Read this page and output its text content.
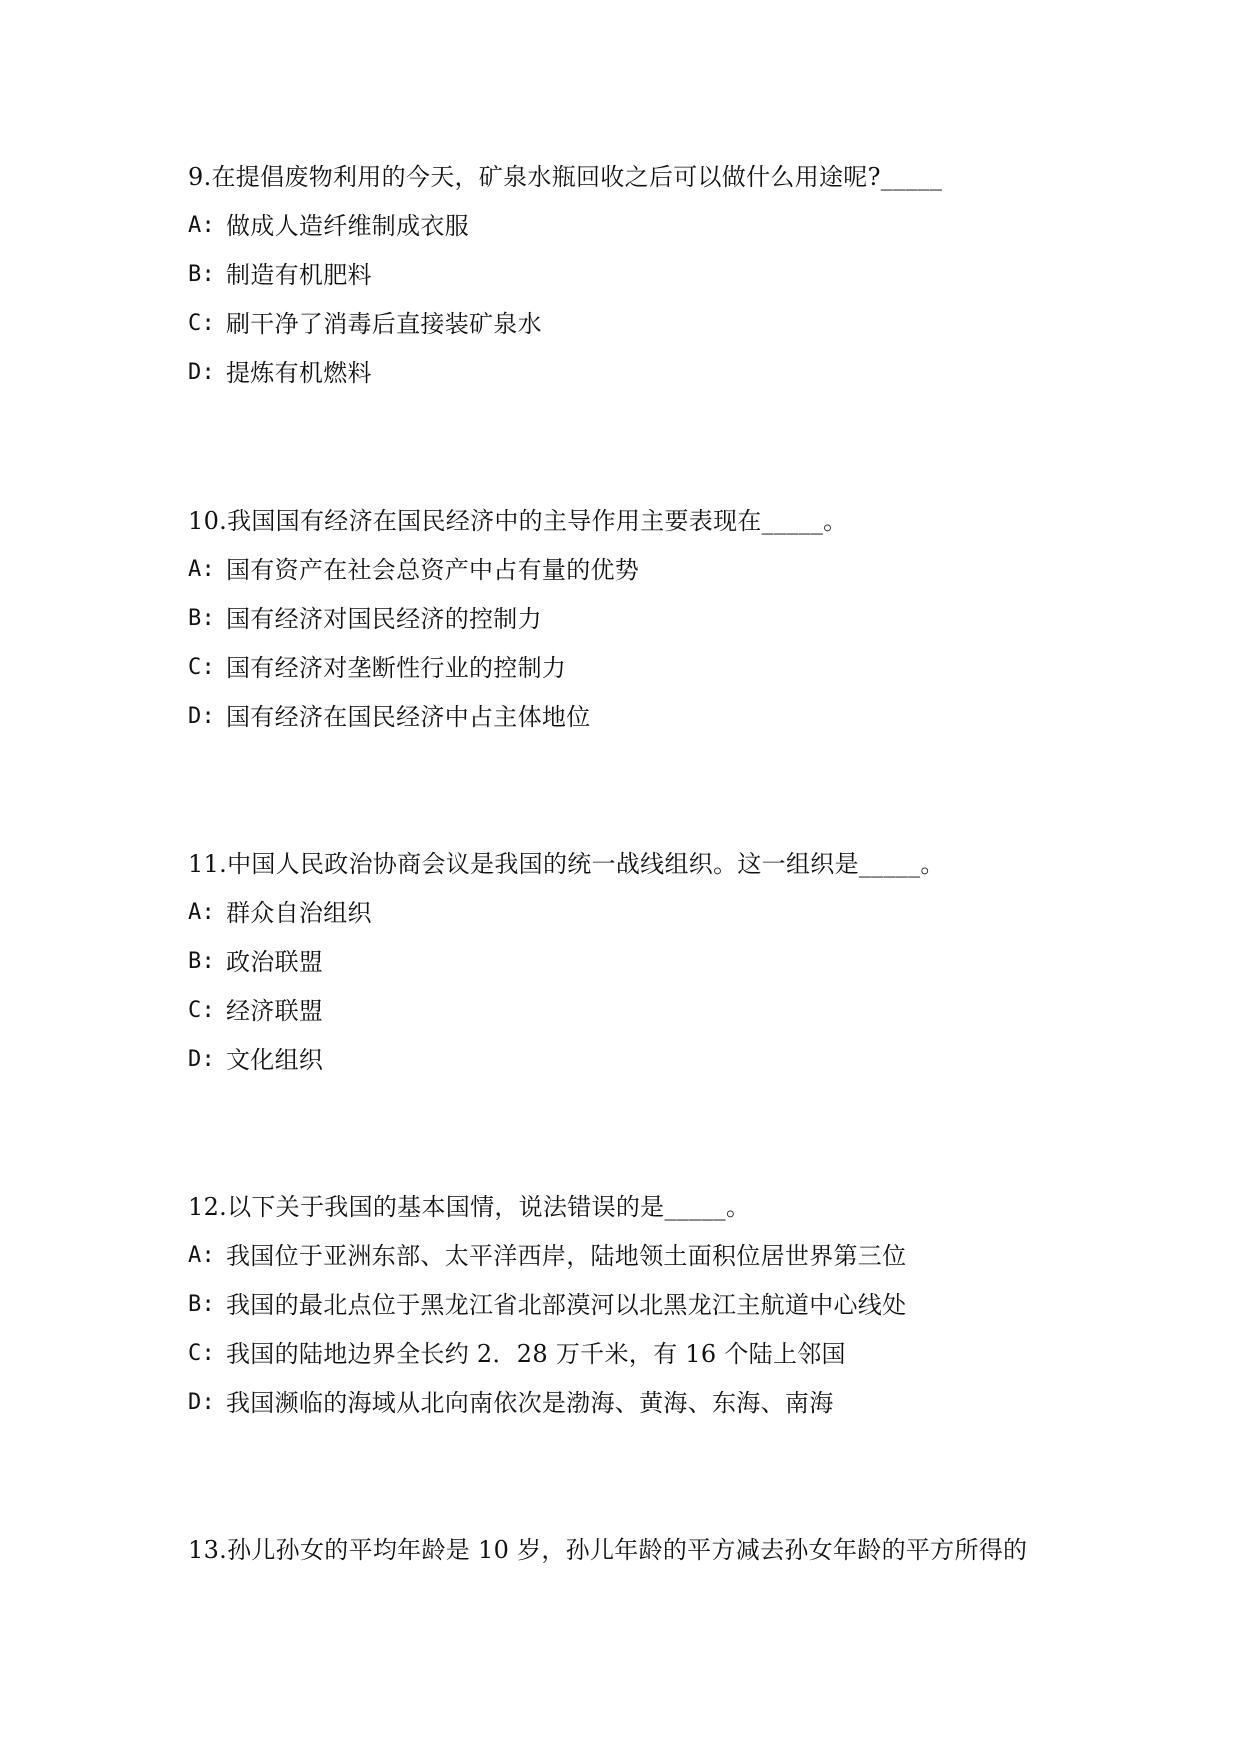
9.在提倡废物利用的今天，矿泉水瓶回收之后可以做什么用途呢?_____
A: 做成人造纤维制成衣服
B: 制造有机肥料
C: 刷干净了消毒后直接装矿泉水
D: 提炼有机燃料
10.我国国有经济在国民经济中的主导作用主要表现在_____。
A: 国有资产在社会总资产中占有量的优势
B: 国有经济对国民经济的控制力
C: 国有经济对垄断性行业的控制力
D: 国有经济在国民经济中占主体地位
11.中国人民政治协商会议是我国的统一战线组织。这一组织是_____。
A: 群众自治组织
B: 政治联盟
C: 经济联盟
D: 文化组织
12.以下关于我国的基本国情，说法错误的是_____。
A: 我国位于亚洲东部、太平洋西岸，陆地领土面积位居世界第三位
B: 我国的最北点位于黑龙江省北部漠河以北黑龙江主航道中心线处
C: 我国的陆地边界全长约 2．28 万千米，有 16 个陆上邻国
D: 我国濒临的海域从北向南依次是渤海、黄海、东海、南海
13.孙儿孙女的平均年龄是 10 岁，孙儿年龄的平方减去孙女年龄的平方所得的
